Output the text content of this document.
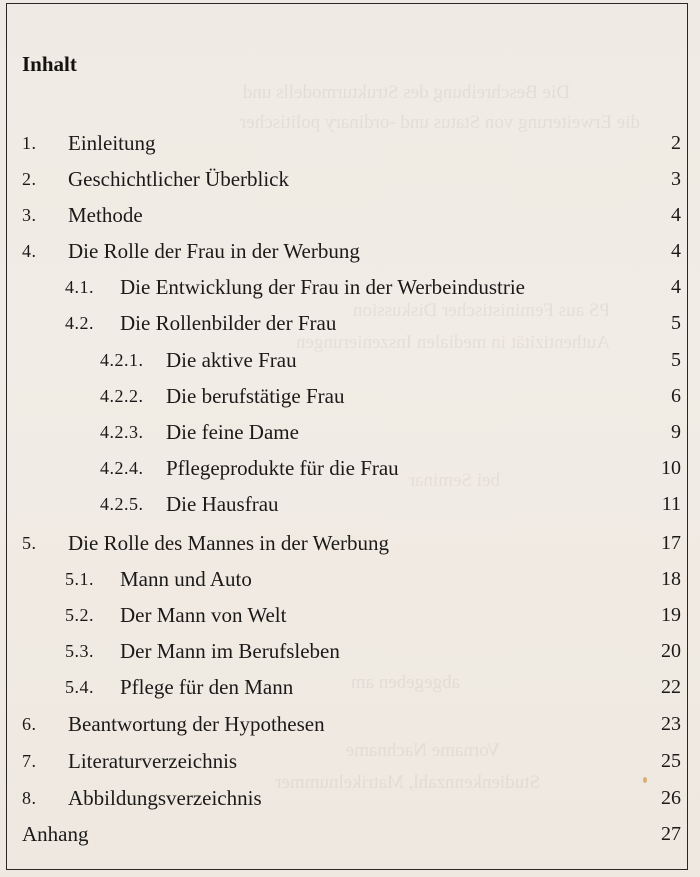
Die Beschreibung des Strukturmodells und
die Erweiterung von Status und -ordinary politischer
PS aus Feministischer Diskussion
Authentizität in medialen Inszenierungen
bei Seminar
abgegeben am
Vorname Nachname
Studienkennzahl, Matrikelnummer
Inhalt
1. Einleitung	2
2. Geschichtlicher Überblick	3
3. Methode	4
4. Die Rolle der Frau in der Werbung	4
4.1. Die Entwicklung der Frau in der Werbeindustrie	4
4.2. Die Rollenbilder der Frau	5
4.2.1. Die aktive Frau	5
4.2.2. Die berufstätige Frau	6
4.2.3. Die feine Dame	9
4.2.4. Pflegeprodukte für die Frau	10
4.2.5. Die Hausfrau	11
5. Die Rolle des Mannes in der Werbung	17
5.1. Mann und Auto	18
5.2. Der Mann von Welt	19
5.3. Der Mann im Berufsleben	20
5.4. Pflege für den Mann	22
6. Beantwortung der Hypothesen	23
7. Literaturverzeichnis	25
8. Abbildungsverzeichnis	26
Anhang	27
